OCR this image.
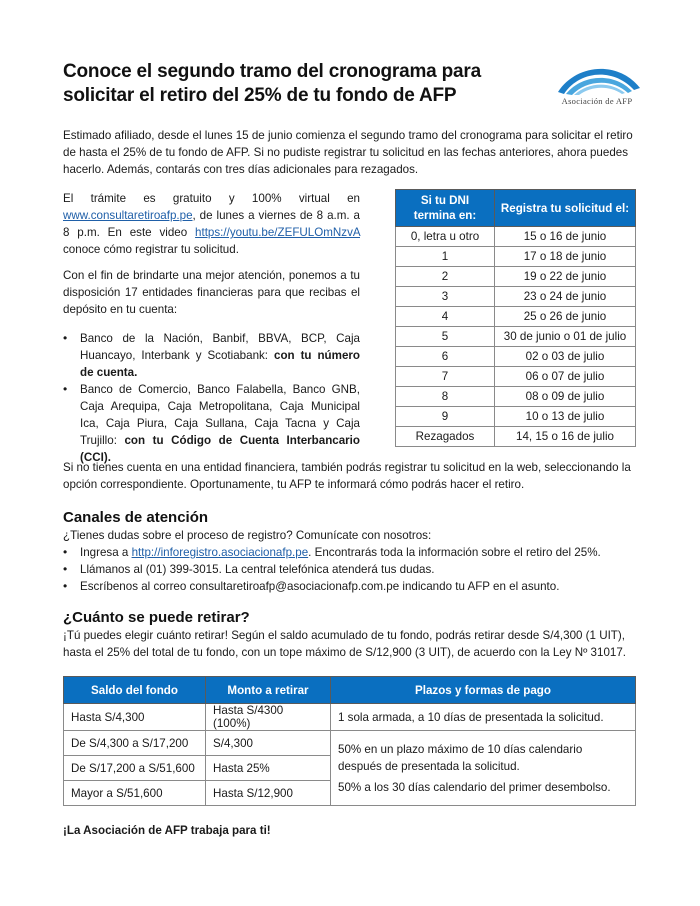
Conoce el segundo tramo del cronograma para
solicitar el retiro del 25% de tu fondo de AFP	Asociación de AFP
Estimado afiliado, desde el lunes 15 de junio comienza el segundo tramo del cronograma para solicitar el retiro de hasta el 25% de tu fondo de AFP. Si no pudiste registrar tu solicitud en las fechas anteriores, ahora puedes hacerlo. Además, contarás con tres días adicionales para rezagados.
El trámite es gratuito y 100% virtual en www.consultaretiroafp.pe, de lunes a viernes de 8 a.m. a 8 p.m. En este video https://youtu.be/ZEFULOmNzvA conoce cómo registrar tu solicitud.
Con el fin de brindarte una mejor atención, ponemos a tu disposición 17 entidades financieras para que recibas el depósito en tu cuenta:
• Banco de la Nación, Banbif, BBVA, BCP, Caja Huancayo, Interbank y Scotiabank: con tu número de cuenta.
• Banco de Comercio, Banco Falabella, Banco GNB, Caja Arequipa, Caja Metropolitana, Caja Municipal Ica, Caja Piura, Caja Sullana, Caja Tacna y Caja Trujillo: con tu Código de Cuenta Interbancario (CCI).
Si tu DNI termina en:	Registra tu solicitud el:
0, letra u otro	15 o 16 de junio
1	17 o 18 de junio
2	19 o 22 de junio
3	23 o 24 de junio
4	25 o 26 de junio
5	30 de junio o 01 de julio
6	02 o 03 de julio
7	06 o 07 de julio
8	08 o 09 de julio
9	10 o 13 de julio
Rezagados	14, 15 o 16 de julio
Si no tienes cuenta en una entidad financiera, también podrás registrar tu solicitud en la web, seleccionando la opción correspondiente. Oportunamente, tu AFP te informará cómo podrás hacer el retiro.
Canales de atención
¿Tienes dudas sobre el proceso de registro? Comunícate con nosotros:
• Ingresa a http://inforegistro.asociacionafp.pe. Encontrarás toda la información sobre el retiro del 25%.
• Llámanos al (01) 399-3015. La central telefónica atenderá tus dudas.
• Escríbenos al correo consultaretiroafp@asociacionafp.com.pe indicando tu AFP en el asunto.
¿Cuánto se puede retirar?
¡Tú puedes elegir cuánto retirar! Según el saldo acumulado de tu fondo, podrás retirar desde S/4,300 (1 UIT), hasta el 25% del total de tu fondo, con un tope máximo de S/12,900 (3 UIT), de acuerdo con la Ley Nº 31017.
Saldo del fondo	Monto a retirar	Plazos y formas de pago
Hasta S/4,300	Hasta S/4300 (100%)	1 sola armada, a 10 días de presentada la solicitud.
De S/4,300 a S/17,200	S/4,300	50% en un plazo máximo de 10 días calendario después de presentada la solicitud.
50% a los 30 días calendario del primer desembolso.

De S/17,200 a S/51,600	Hasta 25%	
Mayor a S/51,600	Hasta S/12,900	
¡La Asociación de AFP trabaja para ti!
